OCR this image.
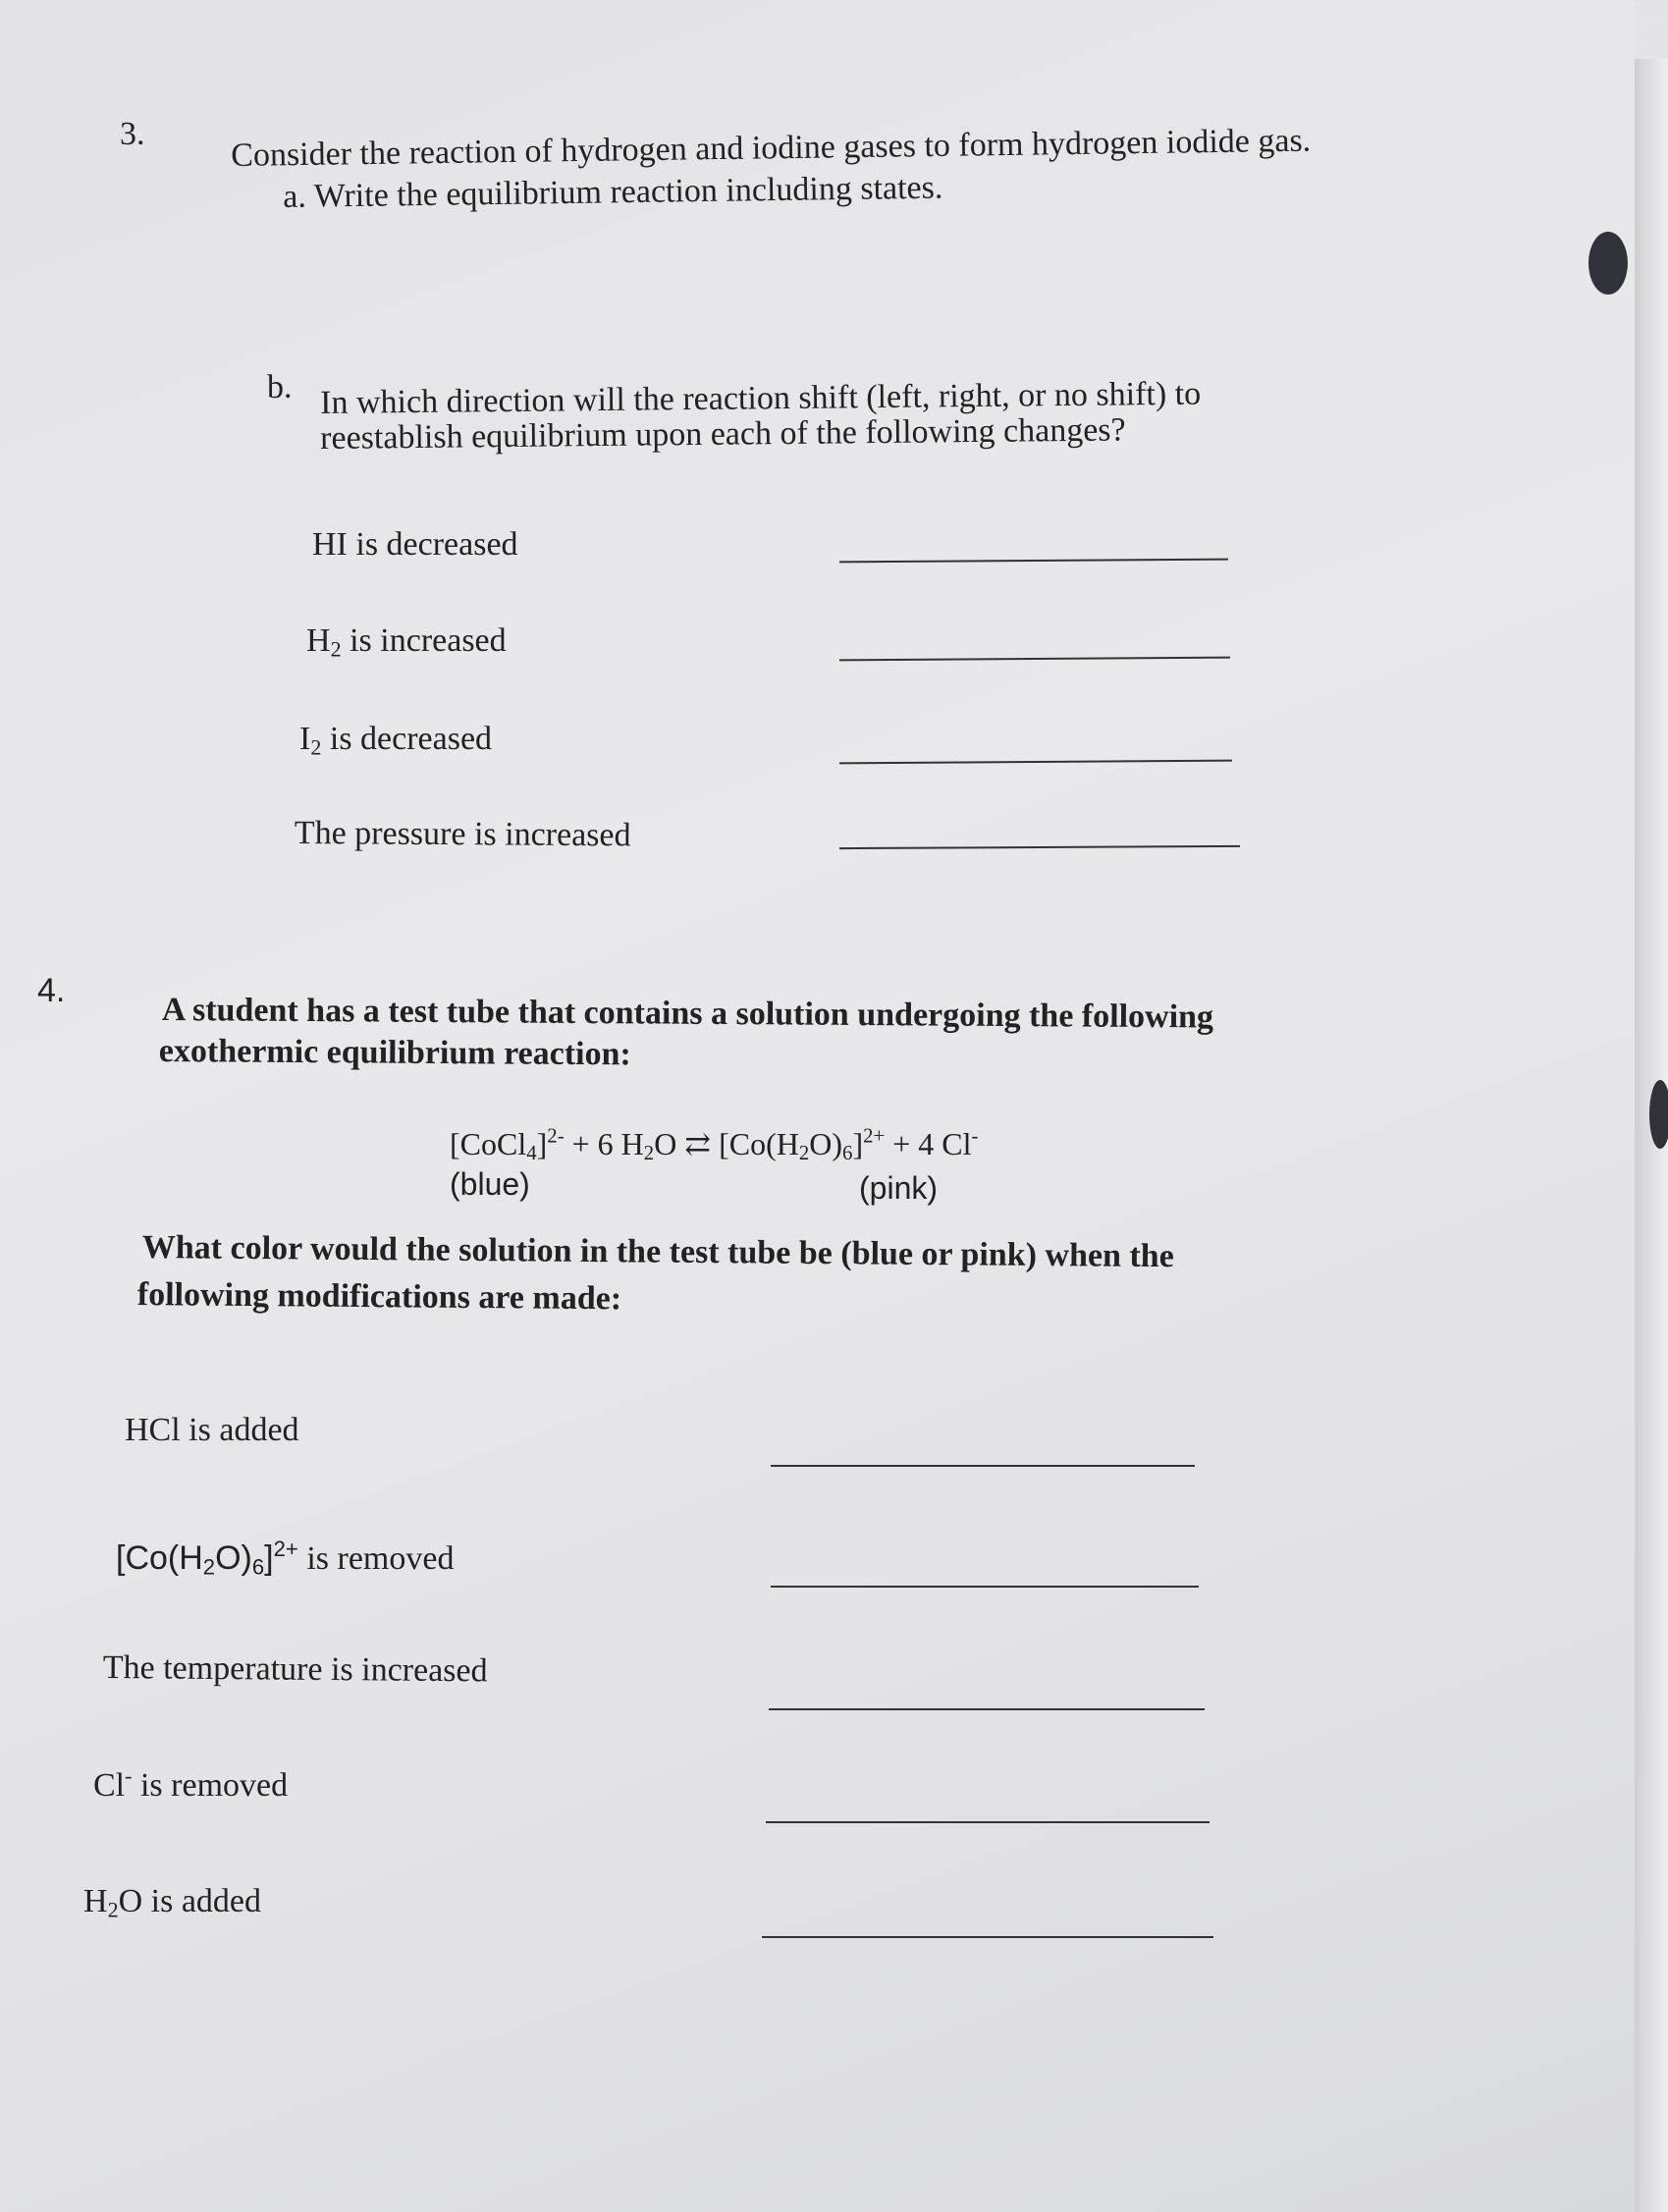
3.	Consider the reaction of hydrogen and iodine gases to form hydrogen iodide gas.
a. Write the equilibrium reaction including states.
b. In which direction will the reaction shift (left, right, or no shift) to
reestablish equilibrium upon each of the following changes?
HI is decreased
$H_2$ is increased
$I_2$ is decreased
The pressure is increased
4.
A student has a test tube that contains a solution undergoing the following
exothermic equilibrium reaction:
[CoCl$_4$]$^{2-}$ + 6 $H_2O$ ⇄ $[Co(H_2O)_6]^{2+} + 4$ Cl-
(blue)	(pink)
What color would the solution in the test tube be (blue or pink) when the
following modifications are made:
HCl is added
$[Co(H_2O)_6]^{2+}$ is removed
The temperature is increased
Cl- is removed
$H_2O$ is added
